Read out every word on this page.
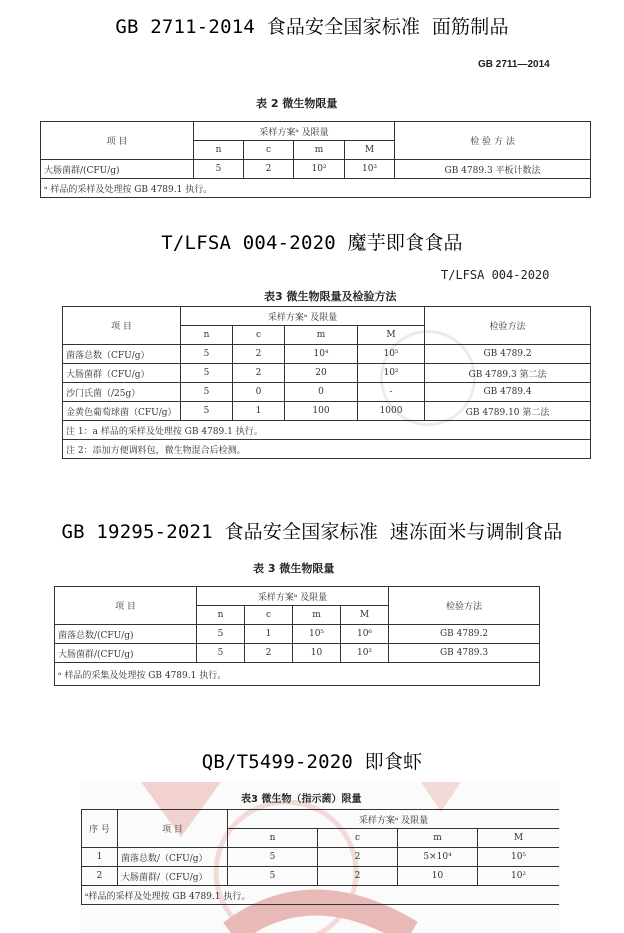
GB 2711-2014 食品安全国家标准 面筋制品
GB 2711—2014
表 2 微生物限量
项 目	采样方案ᵃ 及限量				检 验 方 法
	n	c	m	M	
大肠菌群/(CFU/g)	5	2	10²	10³	GB 4789.3 平板计数法
ᵃ 样品的采样及处理按 GB 4789.1 执行。					
T/LFSA 004-2020 魔芋即食食品
T/LFSA 004-2020
表3 微生物限量及检验方法
项 目	采样方案ᵃ 及限量				检验方法
	n	c	m	M	
菌落总数（CFU/g）	5	2	10⁴	10⁵	GB 4789.2
大肠菌群（CFU/g）	5	2	20	10²	GB 4789.3 第二法
沙门氏菌（/25g）	5	0	0	-	GB 4789.4
金黄色葡萄球菌（CFU/g）	5	1	100	1000	GB 4789.10 第二法
注 1：a 样品的采样及处理按 GB 4789.1 执行。					
注 2：添加方便调料包，微生物混合后检测。					
GB 19295-2021 食品安全国家标准 速冻面米与调制食品
表 3 微生物限量
项 目	采样方案ᵃ 及限量				检验方法
	n	c	m	M	
菌落总数/(CFU/g)	5	1	10⁵	10⁶	GB 4789.2
大肠菌群/(CFU/g)	5	2	10	10²	GB 4789.3
ᵃ 样品的采集及处理按 GB 4789.1 执行。					
QB/T5499-2020 即食虾
表3 微生物（指示菌）限量
序 号	项 目	采样方案ᵃ 及限量			
		n	c	m	M
1	菌落总数/（CFU/g）	5	2	5×10⁴	10⁵
2	大肠菌群/（CFU/g）	5	2	10	10²
ᵃ样品的采样及处理按 GB 4789.1 执行。					
